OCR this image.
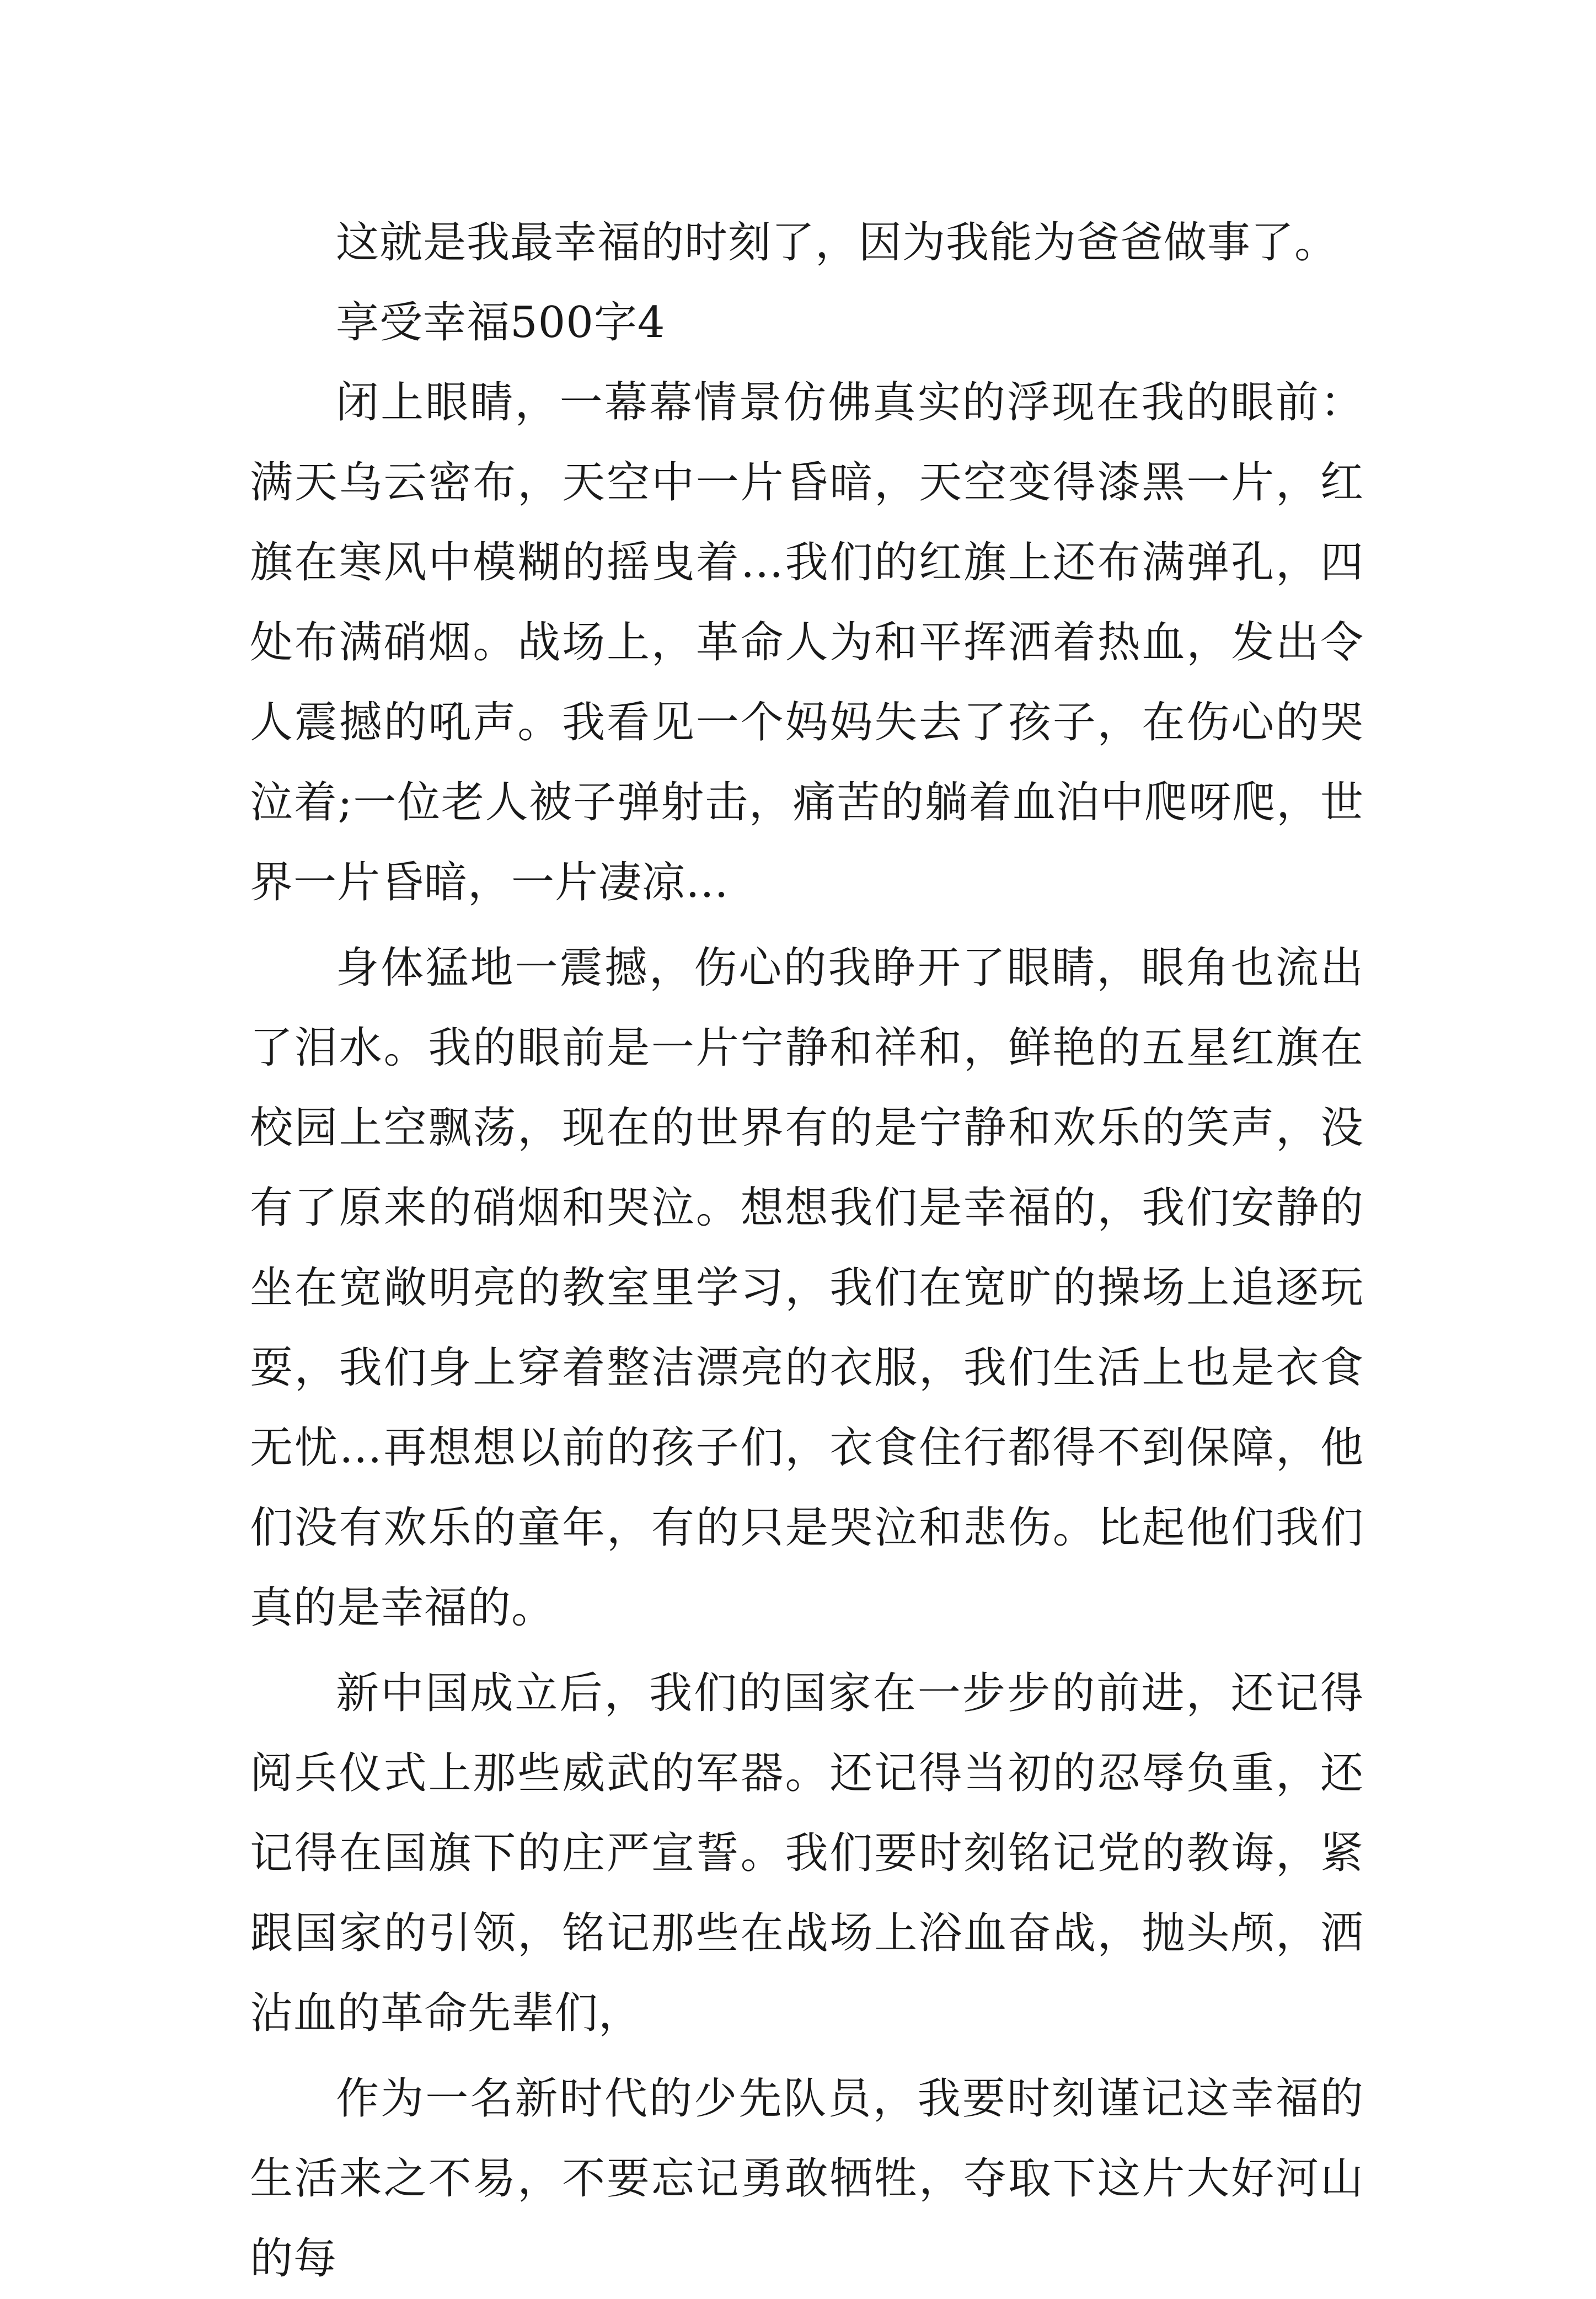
这就是我最幸福的时刻了，因为我能为爸爸做事了。

享受幸福500字4

闭上眼睛，一幕幕情景仿佛真实的浮现在我的眼前：满天乌云密布，天空中一片昏暗，天空变得漆黑一片，红旗在寒风中模糊的摇曳着…我们的红旗上还布满弹孔，四处布满硝烟。战场上，革命人为和平挥洒着热血，发出令人震撼的吼声。我看见一个妈妈失去了孩子，在伤心的哭泣着;一位老人被子弹射击，痛苦的躺着血泊中爬呀爬，世界一片昏暗，一片凄凉…

身体猛地一震撼，伤心的我睁开了眼睛，眼角也流出了泪水。我的眼前是一片宁静和祥和，鲜艳的五星红旗在校园上空飘荡，现在的世界有的是宁静和欢乐的笑声，没有了原来的硝烟和哭泣。想想我们是幸福的，我们安静的坐在宽敞明亮的教室里学习，我们在宽旷的操场上追逐玩耍，我们身上穿着整洁漂亮的衣服，我们生活上也是衣食无忧…再想想以前的孩子们，衣食住行都得不到保障，他们没有欢乐的童年，有的只是哭泣和悲伤。比起他们我们真的是幸福的。

新中国成立后，我们的国家在一步步的前进，还记得阅兵仪式上那些威武的军器。还记得当初的忍辱负重，还记得在国旗下的庄严宣誓。我们要时刻铭记党的教诲，紧跟国家的引领，铭记那些在战场上浴血奋战，抛头颅，洒沾血的革命先辈们，

作为一名新时代的少先队员，我要时刻谨记这幸福的生活来之不易，不要忘记勇敢牺牲，夺取下这片大好河山的每
